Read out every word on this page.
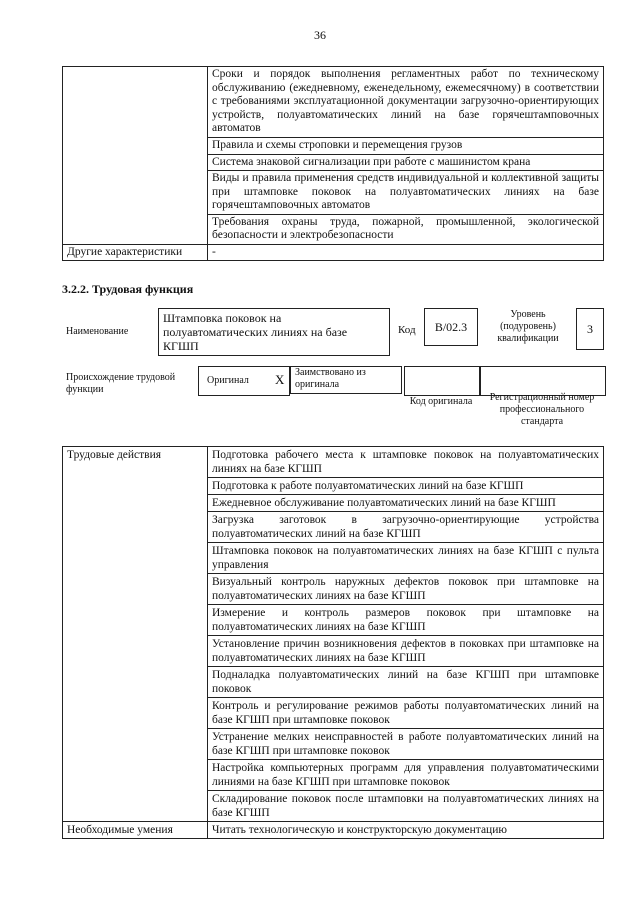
36
	Сроки и порядок выполнения регламентных работ по техническому обслуживанию (ежедневному, еженедельному, ежемесячному) в соответствии с требованиями эксплуатационной документации загрузочно-ориентирующих устройств, полуавтоматических линий на базе горячештамповочных автоматов
	Правила и схемы строповки и перемещения грузов
	Система знаковой сигнализации при работе с машинистом крана
	Виды и правила применения средств индивидуальной и коллективной защиты при штамповке поковок на полуавтоматических линиях на базе горячештамповочных автоматов
	Требования охраны труда, пожарной, промышленной, экологической безопасности и электробезопасности
Другие характеристики	-
3.2.2. Трудовая функция
Наименование
Штамповка поковок на полуавтоматических линиях на базе КГШП
Код	В/02.3
Уровень (подуровень) квалификации
3
Происхождение трудовой функции
Оригинал X	Заимствовано из оригинала
Код оригинала	Регистрационный номер профессионального стандарта
Трудовые действия	Подготовка рабочего места к штамповке поковок на полуавтоматических линиях на базе КГШП
	Подготовка к работе полуавтоматических линий на базе КГШП
	Ежедневное обслуживание полуавтоматических линий на базе КГШП
	Загрузка заготовок в загрузочно-ориентирующие устройства полуавтоматических линий на базе КГШП
	Штамповка поковок на полуавтоматических линиях на базе КГШП с пульта управления
	Визуальный контроль наружных дефектов поковок при штамповке на полуавтоматических линиях на базе КГШП
	Измерение и контроль размеров поковок при штамповке на полуавтоматических линиях на базе КГШП
	Установление причин возникновения дефектов в поковках при штамповке на полуавтоматических линиях на базе КГШП
	Подналадка полуавтоматических линий на базе КГШП при штамповке поковок
	Контроль и регулирование режимов работы полуавтоматических линий на базе КГШП при штамповке поковок
	Устранение мелких неисправностей в работе полуавтоматических линий на базе КГШП при штамповке поковок
	Настройка компьютерных программ для управления полуавтоматическими линиями на базе КГШП при штамповке поковок
	Складирование поковок после штамповки на полуавтоматических линиях на базе КГШП
Необходимые умения	Читать технологическую и конструкторскую документацию
